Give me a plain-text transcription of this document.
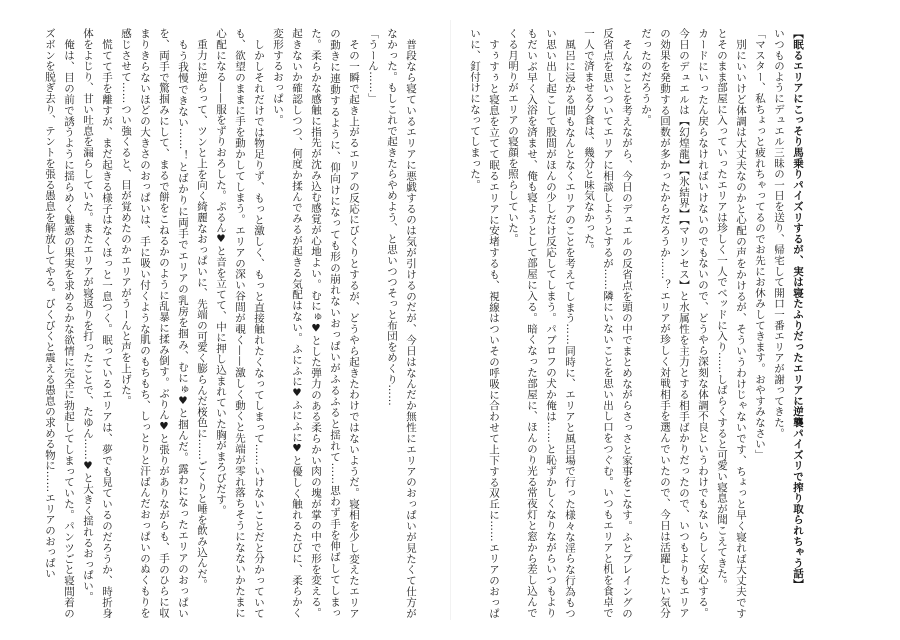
【眠るエリアにこっそり馬乗りパイズリするが、実は寝たふりだったエリアに逆襲パイズリで搾り取られちゃう話】

いつものようにデュエル三昧の一日を送り、帰宅して開口一番エリアが謝ってきた。

「マスター、私ちょっと疲れちゃってるのでお先にお休みしてきます。おやすみなさい」

別にいいけど体調は大丈夫なのかと心配の声をかけるが、そういうわけじゃないです、ちょっと早く寝れば大丈夫ですとそのまま部屋に入っていったエリアは珍しく一人でベッドに入り……しばらくすると可愛い寝息が聞こえてきた。

カードにいったん戻らなければいけないのでもないので、どうやら深刻な体調不良というわけでもないらしく安心する。今日のデュエルは【幻煌龍】【氷結界】【マリンセス】と水属性を主力とする相手ばかりだったので、いつもよりもエリアの効果を発動する回数が多かったからだろうか……？エリアが珍しく対戦相手を選んでいたので、今日は活躍したい気分だったのだろうか。

そんなことを考えながら、今日のデュエルの反省点を頭の中でまとめながらさっさと家事をこなす。ふとプレイングの反省点を思いついてエリアに相談しようとするが……隣にいないことを思い出し口をつぐむ。いつもエリアと机を食卓で一人で済ませる夕食は、幾分と味気なかった。

風呂に浸かる間もなんとなくエリアのことを考えてしまう……同時に、エリアと風呂場で行った様々な淫らな行為もつい思い出し起こして股間がほんの少しだけ反応してしまう。パブロフの犬か俺は……と恥ずかしくなりながらいつもよりもだいぶ早く入浴を済ませ、俺も寝ようとして部屋に入る。暗くなった部屋に、ほんのり光る常夜灯と窓から差し込んでくる月明りがエリアの寝顔を照らしていた。

すぅすぅと寝息を立てて眠るエリアに安堵するも、視線はついその呼吸に合わせて上下する双丘に……エリアのおっぱいに、釘付けになってしまった。

普段なら寝ているエリアに悪戯するのは気が引けるのだが、今日はなんだか無性にエリアのおっぱいが見たくて仕方がなかった。もしこれで起きたらやめよう、と思いつつそっと布団をめくり……

「うーん……」

その一瞬で起き上がるエリアの反応にびくりとするが、どうやら起きたわけではないようだ。寝相を少し変えたエリアの動きに連動するように、仰向けになっても形の崩れないおっぱいがふるふると揺れて……思わず手を伸ばしてしまった。柔らかな感触に指先が沈み込む感覚が心地よい。むにゅ♥とした弾力のある柔らかい肉の塊が掌の中で形を変える。起きないか確認しつつ、何度か揉んでみるが起きる気配はない。ふにふに♥ふにふに♥と優しく触れるたびに、柔らかく変形するおっぱい。

しかしそれだけでは物足りず、もっと激しく、もっと直接触れたくなってしまって……いけないことだと分かっていても、欲望のままに手を動かしてしまう。エリアの深い谷間が覗く——激しく動くと先端が零れ落ちそうになないかたまに心配になる——服をずりおろした。ぷるん♥と音を立てて、中に押し込まれていた胸がまろびだす。

重力に逆らって、ツンと上を向く綺麗なおっぱいに、先端の可愛く膨らんだ桜色に……ごくりと唾を飲み込んだ。

もう我慢できない……！とばかりに両手でエリアの乳房を掴み、むにゅ♥と掴んだ。露わになったエリアのおっぱいを、両手で驚掴みにして、まるで餅をこねるかのように乱暴に揉み倒す。ぶりん♥と張りがありながらも、手のひらに収まりきらないほどの大きさのおっぱいは、手に吸い付くような肌のもちもち、しっとりと汗ばんだおっぱいのぬくもりを感じさせて……つい強くると、目が覚めたのかエリアがうーんと声を上げた。

慌てて手を離すが、まだ起きる様子はなくほっと一息つく。眠っているエリアは、夢でも見ているのだろうか、時折身体をよじり、甘い吐息を漏らしていた。またエリアが寝返りを打ったことで、たゆん……♥と大きく揺れるおっぱい。

俺は、目の前で誘うように揺らめく魅惑の果実を求めるかな欲情に完全に勃起してしまっていた。パンツごと寝間着のズボンを脱ぎ去り、テントを張る愚息を解放してやる。びくびくと震える愚息の求める物に……エリアのおっぱい
